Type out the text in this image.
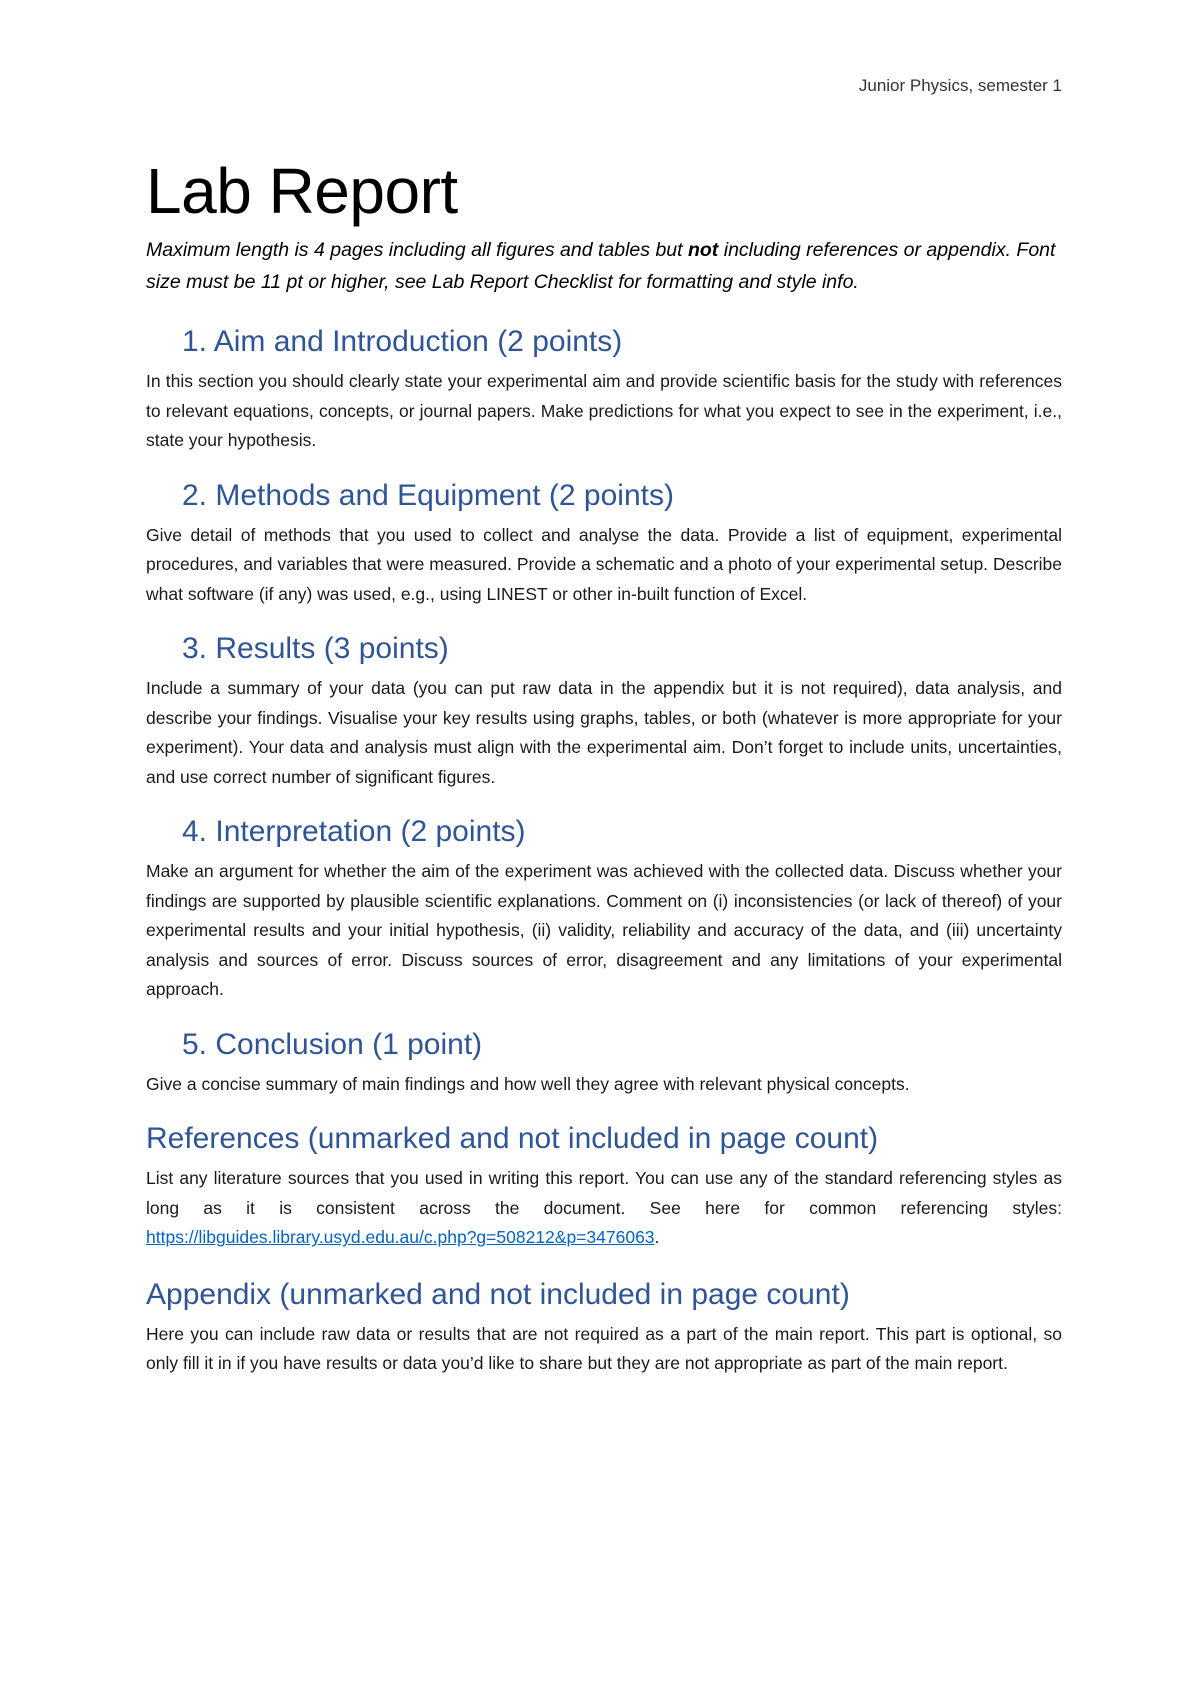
Junior Physics, semester 1
Lab Report

Maximum length is 4 pages including all figures and tables but not including references or appendix. Font size must be 11 pt or higher, see Lab Report Checklist for formatting and style info.

1. Aim and Introduction (2 points)

In this section you should clearly state your experimental aim and provide scientific basis for the study with references to relevant equations, concepts, or journal papers. Make predictions for what you expect to see in the experiment, i.e., state your hypothesis.

2. Methods and Equipment (2 points)

Give detail of methods that you used to collect and analyse the data. Provide a list of equipment, experimental procedures, and variables that were measured. Provide a schematic and a photo of your experimental setup. Describe what software (if any) was used, e.g., using LINEST or other in-built function of Excel.

3. Results (3 points)

Include a summary of your data (you can put raw data in the appendix but it is not required), data analysis, and describe your findings. Visualise your key results using graphs, tables, or both (whatever is more appropriate for your experiment). Your data and analysis must align with the experimental aim. Don’t forget to include units, uncertainties, and use correct number of significant figures.

4. Interpretation (2 points)

Make an argument for whether the aim of the experiment was achieved with the collected data. Discuss whether your findings are supported by plausible scientific explanations. Comment on (i) inconsistencies (or lack of thereof) of your experimental results and your initial hypothesis, (ii) validity, reliability and accuracy of the data, and (iii) uncertainty analysis and sources of error. Discuss sources of error, disagreement and any limitations of your experimental approach.

5. Conclusion (1 point)

Give a concise summary of main findings and how well they agree with relevant physical concepts.

References (unmarked and not included in page count)

List any literature sources that you used in writing this report. You can use any of the standard referencing styles as long as it is consistent across the document. See here for common referencing styles: https://libguides.library.usyd.edu.au/c.php?g=508212&p=3476063.

Appendix (unmarked and not included in page count)

Here you can include raw data or results that are not required as a part of the main report. This part is optional, so only fill it in if you have results or data you’d like to share but they are not appropriate as part of the main report.
